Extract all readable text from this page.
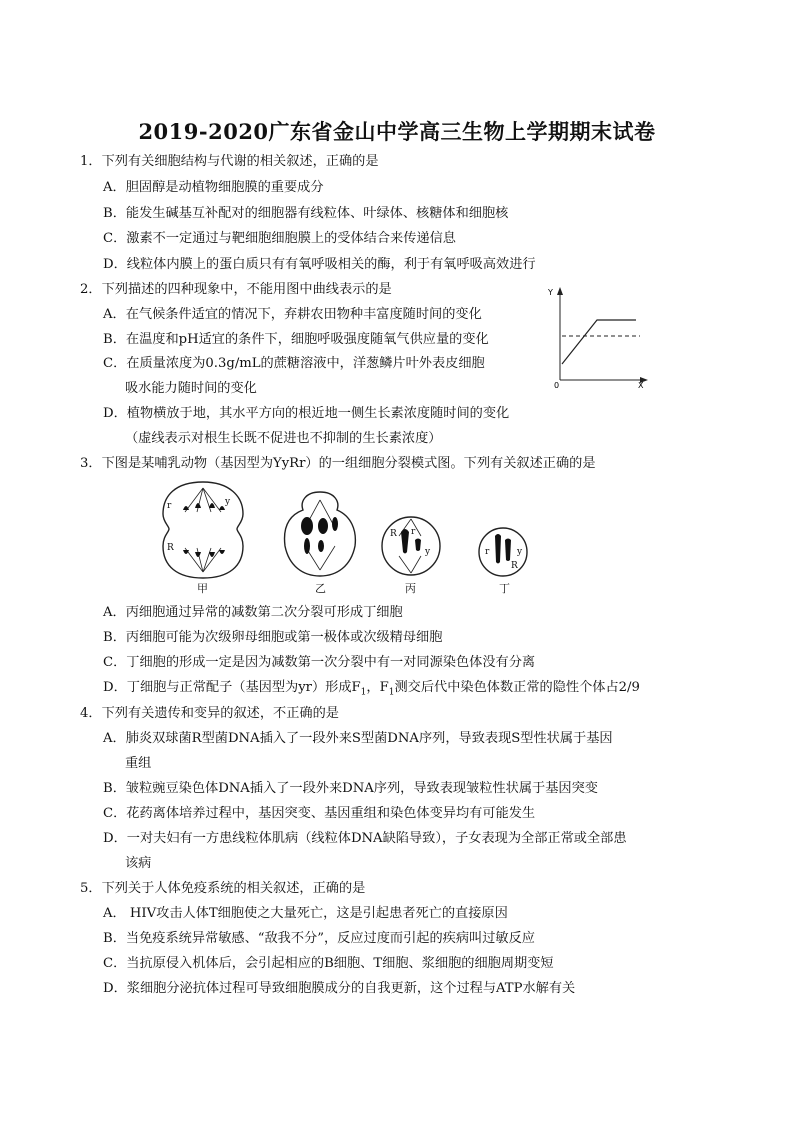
2019-2020广东省金山中学高三生物上学期期末试卷
1．下列有关细胞结构与代谢的相关叙述，正确的是
A．胆固醇是动植物细胞膜的重要成分
B．能发生碱基互补配对的细胞器有线粒体、叶绿体、核糖体和细胞核
C．激素不一定通过与靶细胞细胞膜上的受体结合来传递信息
D．线粒体内膜上的蛋白质只有有氧呼吸相关的酶，利于有氧呼吸高效进行
2．下列描述的四种现象中，不能用图中曲线表示的是
A．在气候条件适宜的情况下，弃耕农田物种丰富度随时间的变化
B．在温度和pH适宜的条件下，细胞呼吸强度随氧气供应量的变化
C．在质量浓度为0.3g/mL的蔗糖溶液中，洋葱鳞片叶外表皮细胞
吸水能力随时间的变化
D．植物横放于地，其水平方向的根近地一侧生长素浓度随时间的变化
（虚线表示对根生长既不促进也不抑制的生长素浓度）
Y
0	X
3．下图是某哺乳动物（基因型为YyRr）的一组细胞分裂模式图。下列有关叙述正确的是
r
R
y
R r
y	r
R
y
甲	乙	丙	丁
A．丙细胞通过异常的减数第二次分裂可形成丁细胞
B．丙细胞可能为次级卵母细胞或第一极体或次级精母细胞
C．丁细胞的形成一定是因为减数第一次分裂中有一对同源染色体没有分离
D．丁细胞与正常配子（基因型为yr）形成$F_1$，$F_1$测交后代中染色体数正常的隐性个体占2/9
4．下列有关遗传和变异的叙述，不正确的是
A．肺炎双球菌R型菌DNA插入了一段外来S型菌DNA序列，导致表现S型性状属于基因
重组
B．皱粒豌豆染色体DNA插入了一段外来DNA序列，导致表现皱粒性状属于基因突变
C．花药离体培养过程中，基因突变、基因重组和染色体变异均有可能发生
D．一对夫妇有一方患线粒体肌病（线粒体DNA缺陷导致），子女表现为全部正常或全部患
该病
5．下列关于人体免疫系统的相关叙述，正确的是
A． HIV攻击人体T细胞使之大量死亡，这是引起患者死亡的直接原因
B．当免疫系统异常敏感、“敌我不分”，反应过度而引起的疾病叫过敏反应
C．当抗原侵入机体后，会引起相应的B细胞、T细胞、浆细胞的细胞周期变短
D．浆细胞分泌抗体过程可导致细胞膜成分的自我更新，这个过程与ATP水解有关
